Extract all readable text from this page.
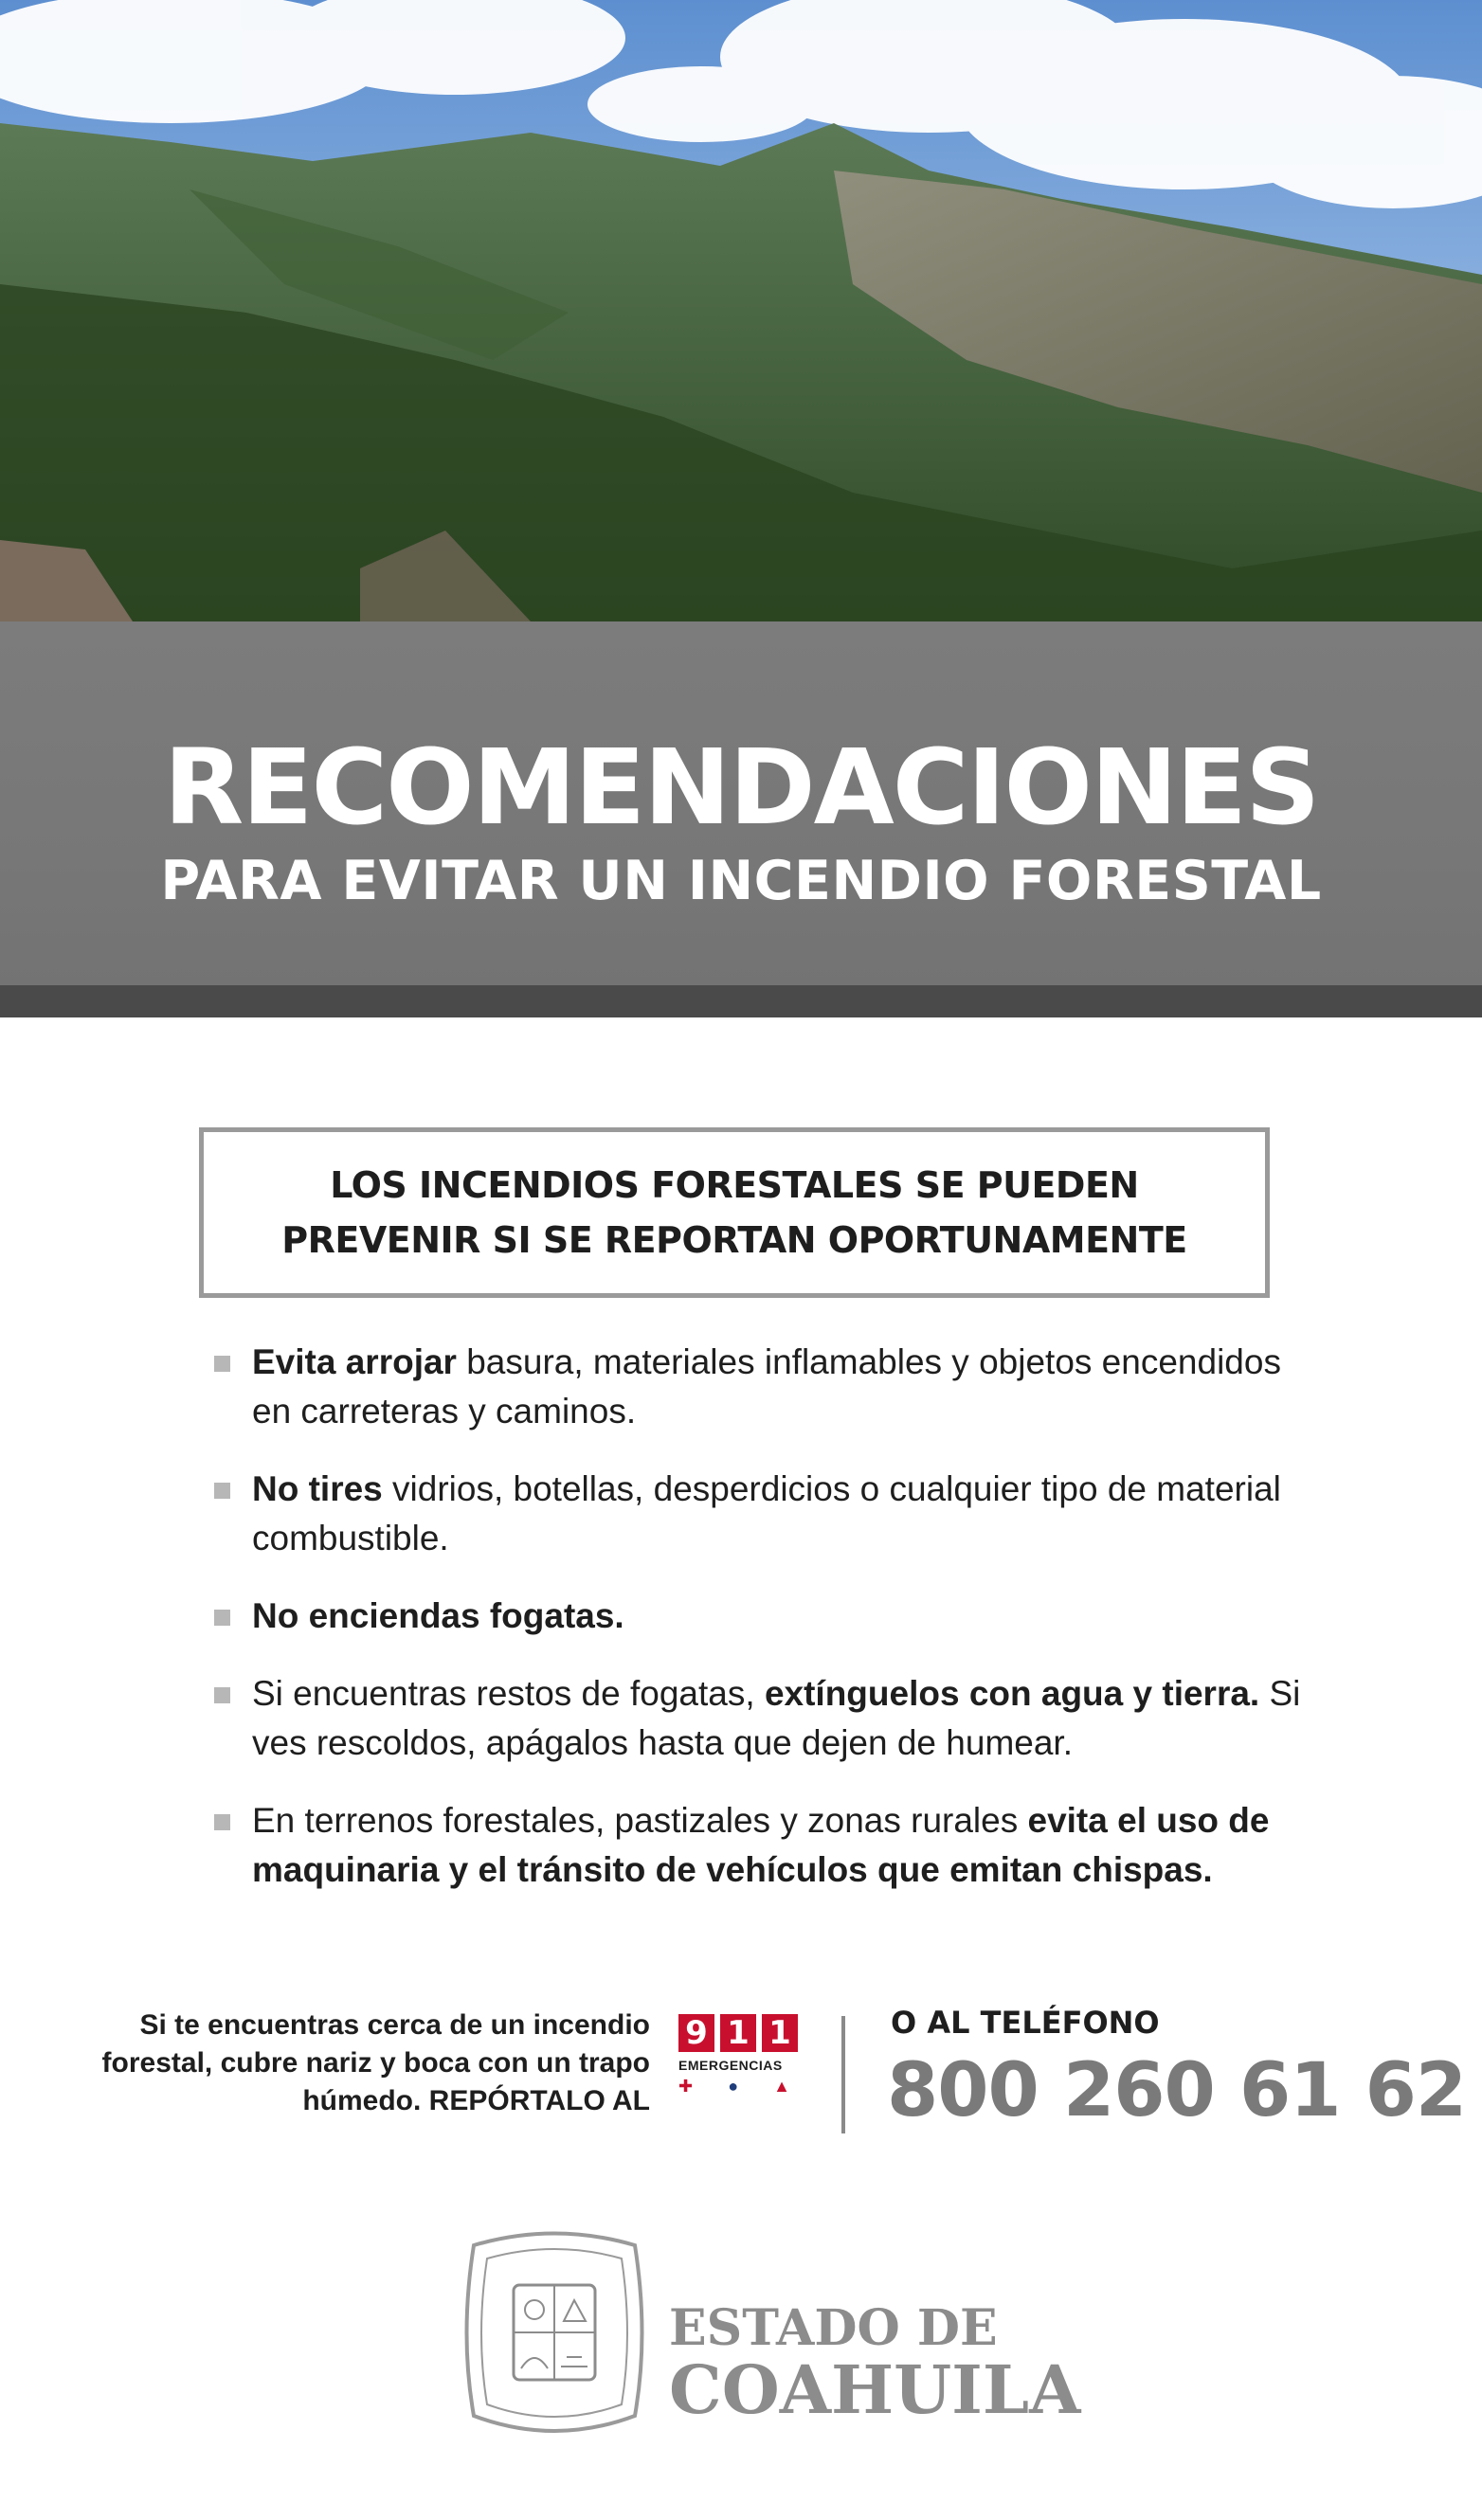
RECOMENDACIONES
PARA EVITAR UN INCENDIO FORESTAL
LOS INCENDIOS FORESTALES SE PUEDEN
PREVENIR SI SE REPORTAN OPORTUNAMENTE
Evita arrojar basura, materiales inflamables y objetos encendidos en carreteras y caminos.
No tires vidrios, botellas, desperdicios o cualquier tipo de material combustible.
No enciendas fogatas.
Si encuentras restos de fogatas, extínguelos con agua y tierra. Si ves rescoldos, apágalos hasta que dejen de humear.
En terrenos forestales, pastizales y zonas rurales evita el uso de maquinaria y el tránsito de vehículos que emitan chispas.
Si te encuentras cerca de un incendio
forestal, cubre nariz y boca con un trapo
húmedo. REPÓRTALO AL
9 1 1
EMERGENCIAS
✚ ● ▲
O AL TELÉFONO
800 260 61 62
ESTADO DE
COAHUILA
